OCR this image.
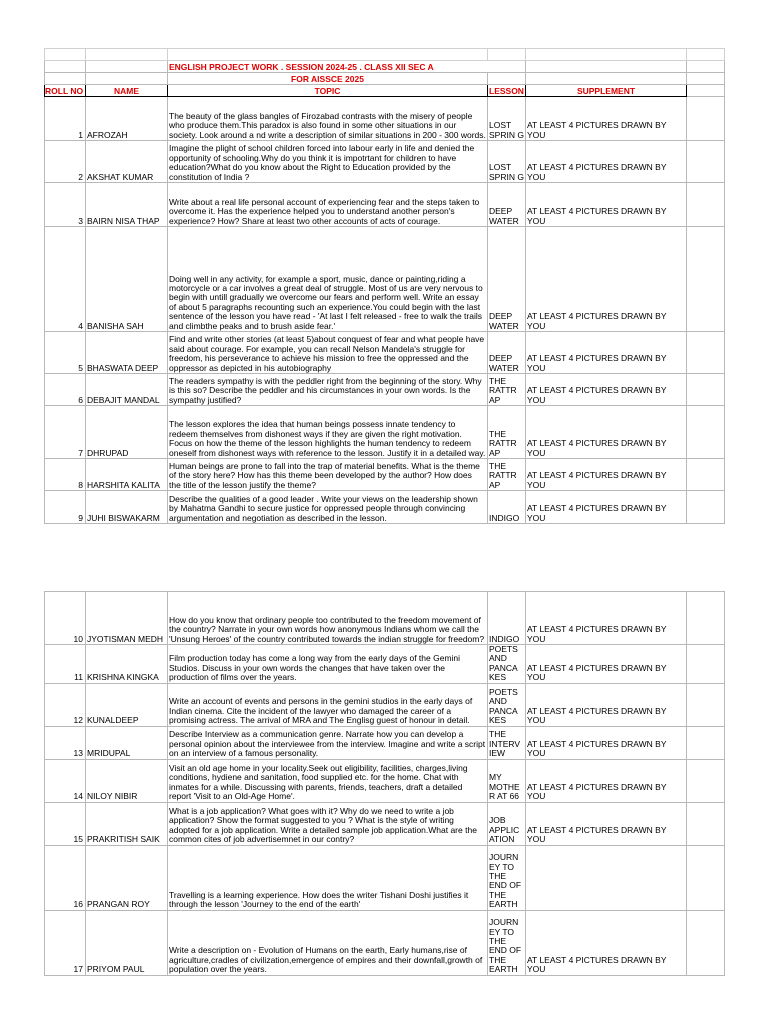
		ENGLISH PROJECT WORK . SESSION 2024-25 . CLASS XII SEC A			
		FOR AISSCE 2025			
ROLL NO	NAME	TOPIC	LESSON	SUPPLEMENT	
1	AFROZAH	The beauty of the glass bangles of Firozabad contrasts with the misery of people who produce them.This paradox is also found in some other situations in our society. Look around a nd write a description of similar situations in 200 - 300 words.	LOST SPRIN G	AT LEAST 4 PICTURES DRAWN BY YOU	
2	AKSHAT KUMAR	Imagine the plight of school children forced into labour early in life and denied the opportunity of schooling.Why do you think it is impotrtant for children to have education?What do you know about the Right to Education provided by the constitution of India ?	LOST SPRIN G	AT LEAST 4 PICTURES DRAWN BY YOU	
3	BAIRN NISA THAP	Write about a real life personal account of experiencing fear and the steps taken to overcome it. Has the experience helped you to understand another person's experience? How? Share at least two other accounts of acts of courage.	DEEP WATER	AT LEAST 4 PICTURES DRAWN BY YOU	
4	BANISHA SAH	Doing well in any activity, for example a sport, music, dance or painting,riding a motorcycle or a car involves a great deal of struggle. Most of us are very nervous to begin with untill gradually we overcome our fears and perform well. Write an essay of about 5 paragraphs recounting such an experience.You could begin with the last sentence of the lesson you have read - 'At last I felt released - free to walk the trails and climbthe peaks and to brush aside fear.'	DEEP WATER	AT LEAST 4 PICTURES DRAWN BY YOU	
5	BHASWATA DEEP	Find and write other stories (at least 5)about conquest of fear and what people have said about courage. For example, you can recall Nelson Mandela's struggle for freedom, his perseverance to achieve his mission to free the oppressed and the oppressor as depicted in his autobiography	DEEP WATER	AT LEAST 4 PICTURES DRAWN BY YOU	
6	DEBAJIT MANDAL	The readers sympathy is with the peddler right from the beginning of the story. Why is this so? Describe the peddler and his circumstances in your own words. Is the sympathy justified?	THE RATTR AP	AT LEAST 4 PICTURES DRAWN BY YOU	
7	DHRUPAD	The lesson explores the idea that human beings possess innate tendency to redeem themselves from dishonest ways if they are given the right motivation. Focus on how the theme of the lesson highlights the human tendency to redeem oneself from dishonest ways with reference to the lesson. Justify it in a detailed way.	THE RATTR AP	AT LEAST 4 PICTURES DRAWN BY YOU	
8	HARSHITA KALITA	Human beings are prone to fall into the trap of material benefits. What is the theme of the story here? How has this theme been developed by the author? How does the title of the lesson justify the theme?	THE RATTR AP	AT LEAST 4 PICTURES DRAWN BY YOU	
9	JUHI BISWAKARM	Describe the qualities of a good leader . Write your views on the leadership shown by Mahatma Gandhi to secure justice for oppressed people through convincing argumentation and negotiation as described in the lesson.	INDIGO	AT LEAST 4 PICTURES DRAWN BY YOU	
10	JYOTISMAN MEDH	How do you know that ordinary people too contributed to the freedom movement of the country? Narrate in your own words how anonymous Indians whom we call the 'Unsung Heroes' of the country contributed towards the indian struggle for freedom?	INDIGO	AT LEAST 4 PICTURES DRAWN BY YOU	
11	KRISHNA KINGKA	Film production today has come a long way from the early days of the Gemini Studios. Discuss in your own words the changes that have taken over the production of films over the years.	POETS AND PANCA KES	AT LEAST 4 PICTURES DRAWN BY YOU	
12	KUNALDEEP	Write an account of events and persons in the gemini studios in the early days of Indian cinema. Cite the incident of the lawyer who damaged the career of a promising actress. The arrival of MRA and The Englisg guest of honour in detail.	POETS AND PANCA KES	AT LEAST 4 PICTURES DRAWN BY YOU	
13	MRIDUPAL	Describe Interview as a communication genre. Narrate how you can develop a personal opinion about the interviewee from the interview. Imagine and write a script on an interview of a famous personality.	THE INTERV IEW	AT LEAST 4 PICTURES DRAWN BY YOU	
14	NILOY NIBIR	Visit an old age home in your locality.Seek out eligibility, facilities, charges,living conditions, hydiene and sanitation, food supplied etc. for the home. Chat with inmates for a while. Discussing with parents, friends, teachers, draft a detailed report 'Visit to an Old-Age Home'.	MY MOTHE R AT 66	AT LEAST 4 PICTURES DRAWN BY YOU	
15	PRAKRITISH SAIK	What is a job application? What goes with it? Why do we need to write a job application? Show the format suggested to you ? What is the style of writing adopted for a job application. Write a detailed sample job application.What are the common cites of job advertisemnet in our contry?	JOB APPLIC ATION	AT LEAST 4 PICTURES DRAWN BY YOU	
16	PRANGAN ROY	Travelling is a learning experience. How does the writer Tishani Doshi justifies it through the lesson 'Journey to the end of the earth'	JOURN EY TO THE END OF THE EARTH		
17	PRIYOM PAUL	Write a description on - Evolution of Humans on the earth, Early humans,rise of agriculture,cradles of civilization,emergence of empires and their downfall,growth of population over the years.	JOURN EY TO THE END OF THE EARTH	AT LEAST 4 PICTURES DRAWN BY YOU	
